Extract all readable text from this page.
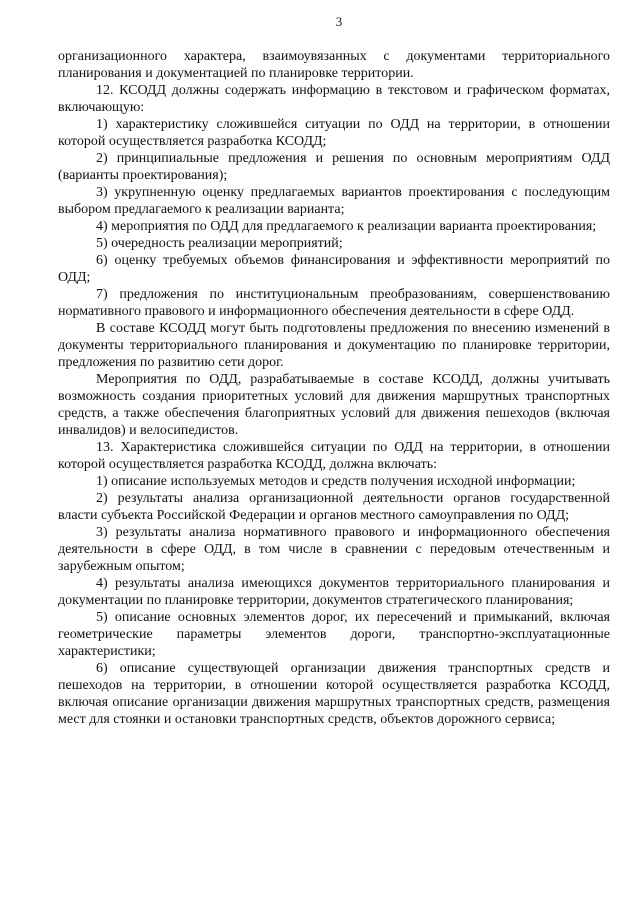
3

организационного характера, взаимоувязанных с документами территориального планирования и документацией по планировке территории.

12. КСОДД должны содержать информацию в текстовом и графическом форматах, включающую:

1) характеристику сложившейся ситуации по ОДД на территории, в отношении которой осуществляется разработка КСОДД;

2) принципиальные предложения и решения по основным мероприятиям ОДД (варианты проектирования);

3) укрупненную оценку предлагаемых вариантов проектирования с последующим выбором предлагаемого к реализации варианта;

4) мероприятия по ОДД для предлагаемого к реализации варианта проектирования;

5) очередность реализации мероприятий;

6) оценку требуемых объемов финансирования и эффективности мероприятий по ОДД;

7) предложения по институциональным преобразованиям, совершенствованию нормативного правового и информационного обеспечения деятельности в сфере ОДД.

В составе КСОДД могут быть подготовлены предложения по внесению изменений в документы территориального планирования и документацию по планировке территории, предложения по развитию сети дорог.

Мероприятия по ОДД, разрабатываемые в составе КСОДД, должны учитывать возможность создания приоритетных условий для движения маршрутных транспортных средств, а также обеспечения благоприятных условий для движения пешеходов (включая инвалидов) и велосипедистов.

13. Характеристика сложившейся ситуации по ОДД на территории, в отношении которой осуществляется разработка КСОДД, должна включать:

1) описание используемых методов и средств получения исходной информации;

2) результаты анализа организационной деятельности органов государственной власти субъекта Российской Федерации и органов местного самоуправления по ОДД;

3) результаты анализа нормативного правового и информационного обеспечения деятельности в сфере ОДД, в том числе в сравнении с передовым отечественным и зарубежным опытом;

4) результаты анализа имеющихся документов территориального планирования и документации по планировке территории, документов стратегического планирования;

5) описание основных элементов дорог, их пересечений и примыканий, включая геометрические параметры элементов дороги, транспортно-эксплуатационные характеристики;

6) описание существующей организации движения транспортных средств и пешеходов на территории, в отношении которой осуществляется разработка КСОДД, включая описание организации движения маршрутных транспортных средств, размещения мест для стоянки и остановки транспортных средств, объектов дорожного сервиса;
